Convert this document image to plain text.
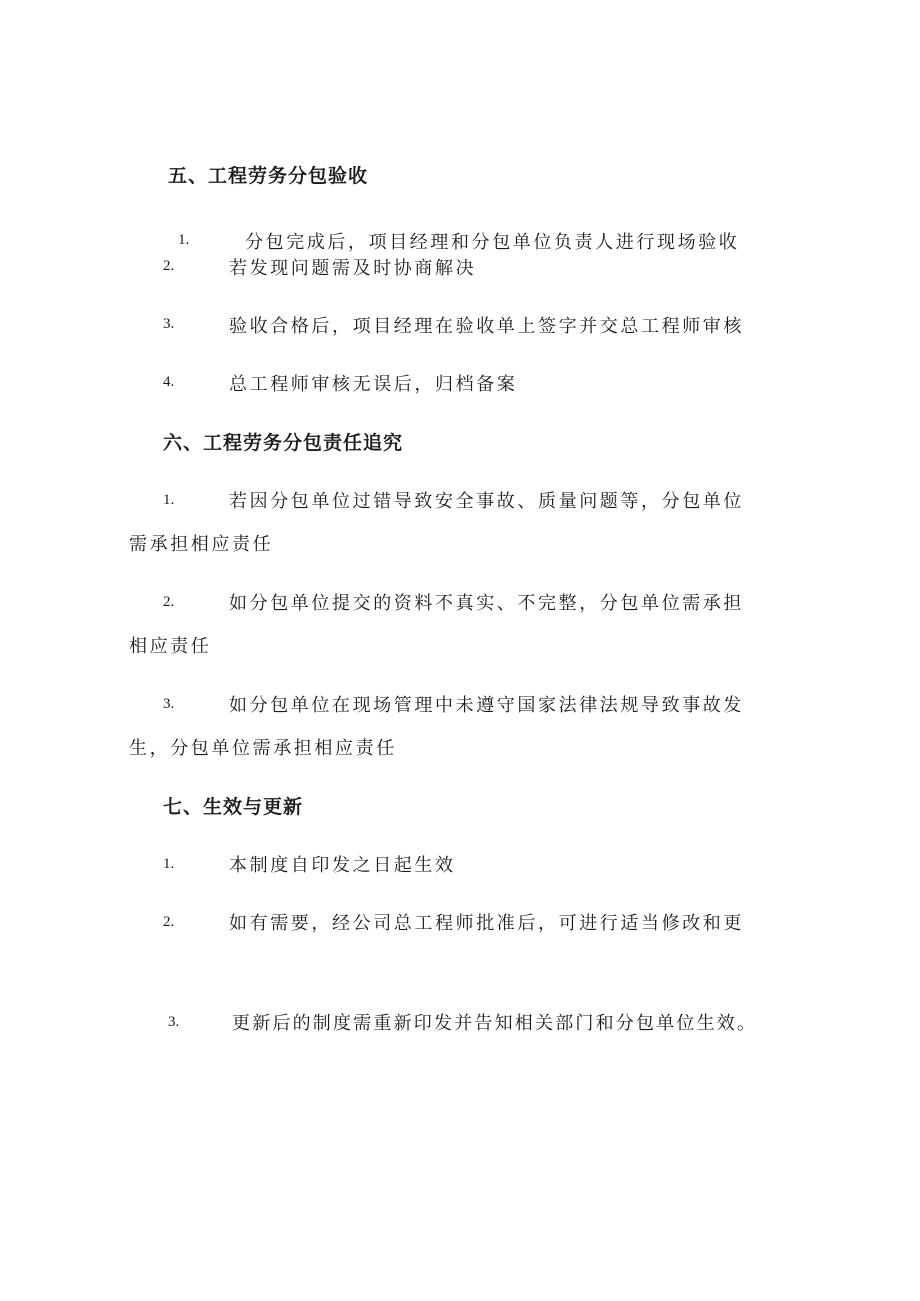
五、工程劳务分包验收
1.	分包完成后，项目经理和分包单位负责人进行现场验收
2.	若发现问题需及时协商解决
3.	验收合格后，项目经理在验收单上签字并交总工程师审核
4.	总工程师审核无误后，归档备案
六、工程劳务分包责任追究
1.	若因分包单位过错导致安全事故、质量问题等，分包单位
需承担相应责任
2.	如分包单位提交的资料不真实、不完整，分包单位需承担
相应责任
3.	如分包单位在现场管理中未遵守国家法律法规导致事故发
生，分包单位需承担相应责任
七、生效与更新
1.	本制度自印发之日起生效
2.	如有需要，经公司总工程师批准后，可进行适当修改和更
3.	更新后的制度需重新印发并告知相关部门和分包单位生效。
